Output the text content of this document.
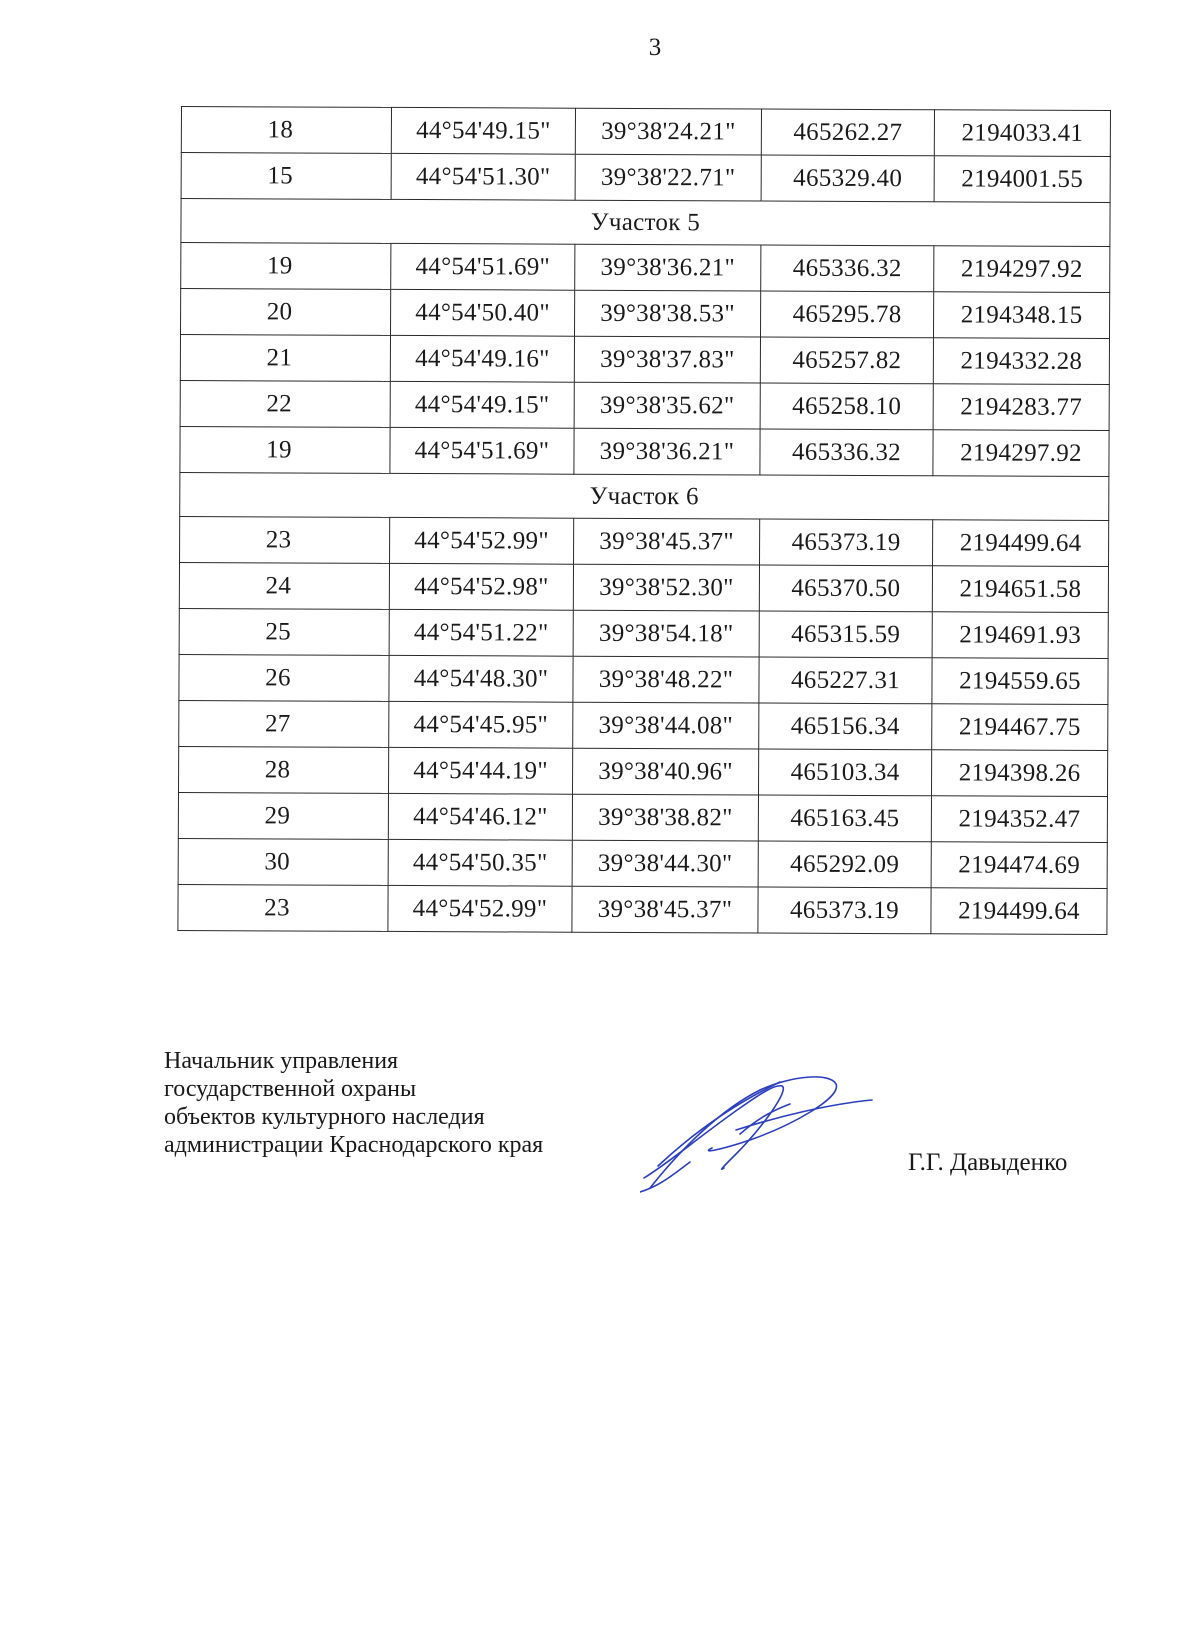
3
18	44°54'49.15"	39°38'24.21"	465262.27	2194033.41
15	44°54'51.30"	39°38'22.71"	465329.40	2194001.55
Участок 5				
19	44°54'51.69"	39°38'36.21"	465336.32	2194297.92
20	44°54'50.40"	39°38'38.53"	465295.78	2194348.15
21	44°54'49.16"	39°38'37.83"	465257.82	2194332.28
22	44°54'49.15"	39°38'35.62"	465258.10	2194283.77
19	44°54'51.69"	39°38'36.21"	465336.32	2194297.92
Участок 6				
23	44°54'52.99"	39°38'45.37"	465373.19	2194499.64
24	44°54'52.98"	39°38'52.30"	465370.50	2194651.58
25	44°54'51.22"	39°38'54.18"	465315.59	2194691.93
26	44°54'48.30"	39°38'48.22"	465227.31	2194559.65
27	44°54'45.95"	39°38'44.08"	465156.34	2194467.75
28	44°54'44.19"	39°38'40.96"	465103.34	2194398.26
29	44°54'46.12"	39°38'38.82"	465163.45	2194352.47
30	44°54'50.35"	39°38'44.30"	465292.09	2194474.69
23	44°54'52.99"	39°38'45.37"	465373.19	2194499.64
Начальник управления
государственной охраны
объектов культурного наследия
администрации Краснодарского края
Г.Г. Давыденко
